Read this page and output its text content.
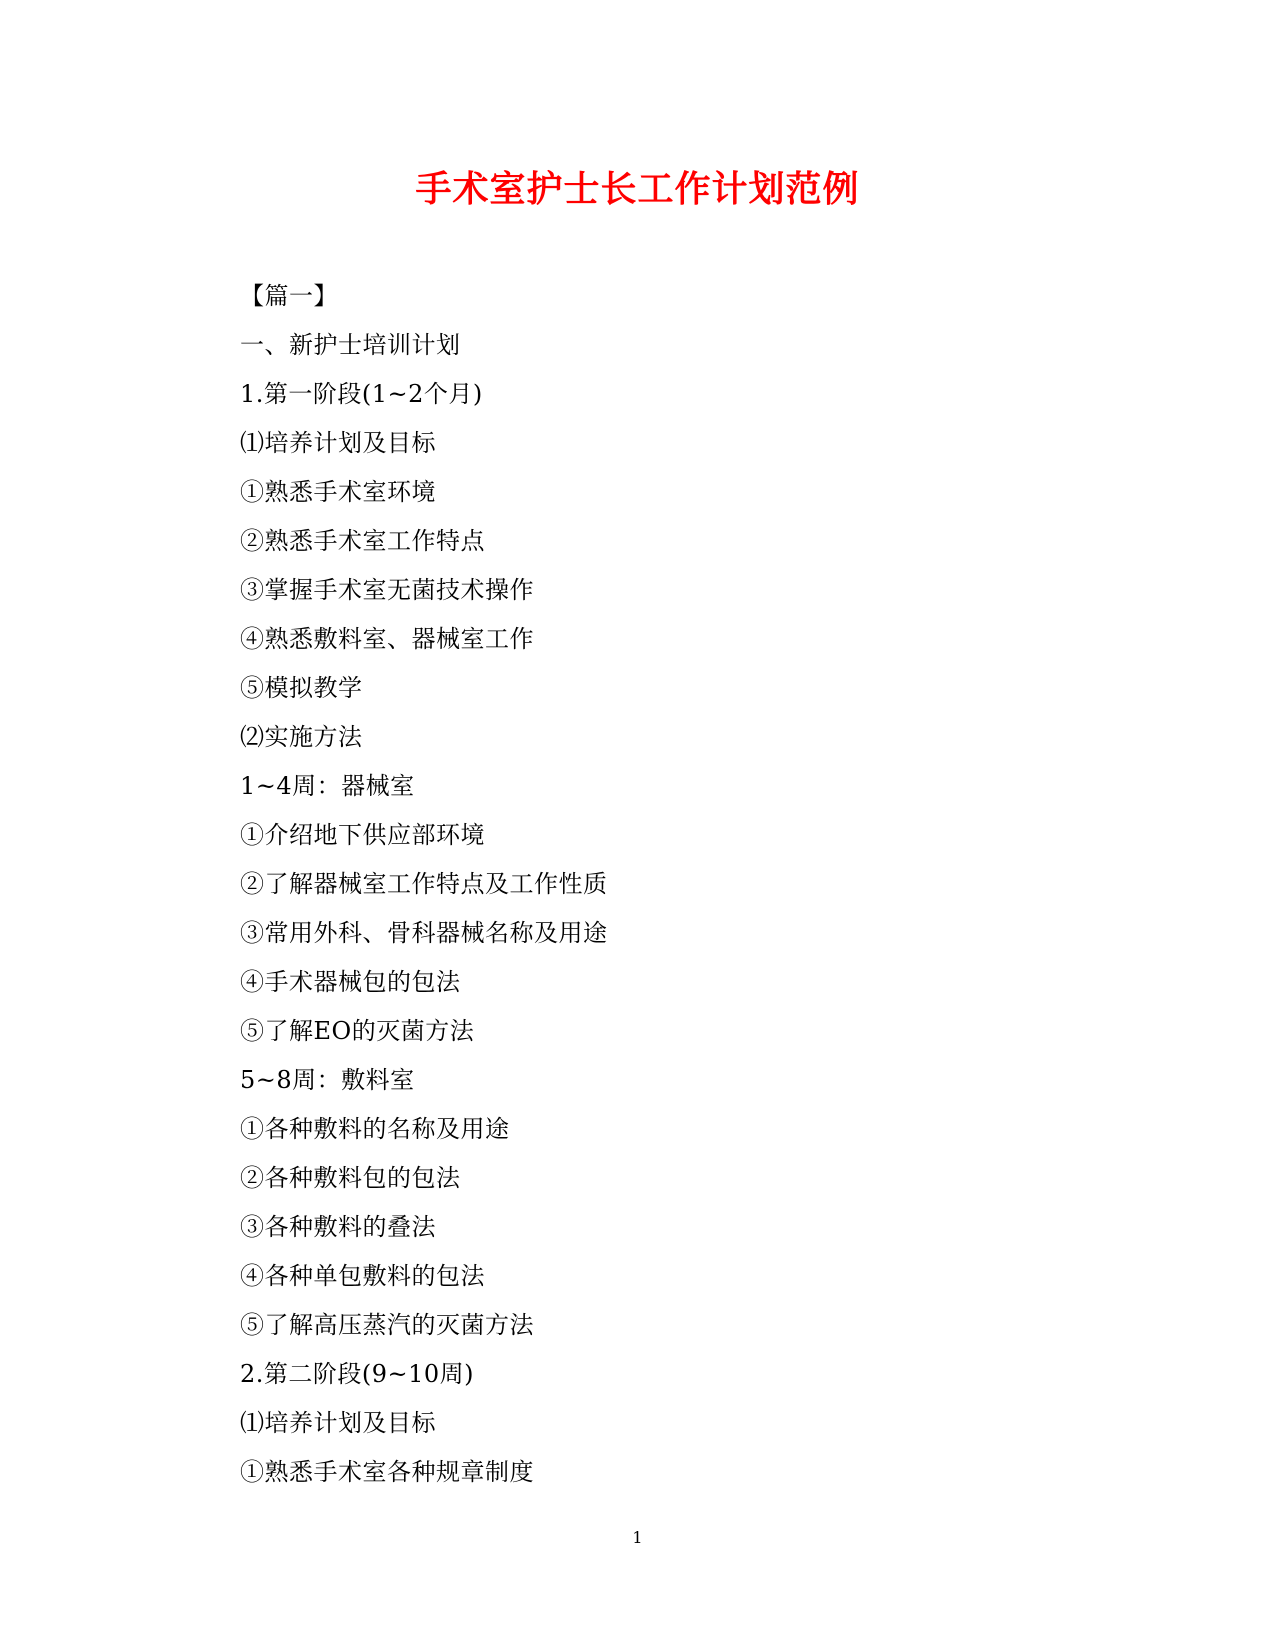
手术室护士长工作计划范例
【篇一】
一、新护士培训计划
1.第一阶段(1~2个月)
⑴培养计划及目标
①熟悉手术室环境
②熟悉手术室工作特点
③掌握手术室无菌技术操作
④熟悉敷料室、器械室工作
⑤模拟教学
⑵实施方法
1~4周：器械室
①介绍地下供应部环境
②了解器械室工作特点及工作性质
③常用外科、骨科器械名称及用途
④手术器械包的包法
⑤了解EO的灭菌方法
5~8周：敷料室
①各种敷料的名称及用途
②各种敷料包的包法
③各种敷料的叠法
④各种单包敷料的包法
⑤了解高压蒸汽的灭菌方法
2.第二阶段(9~10周)
⑴培养计划及目标
①熟悉手术室各种规章制度
1
